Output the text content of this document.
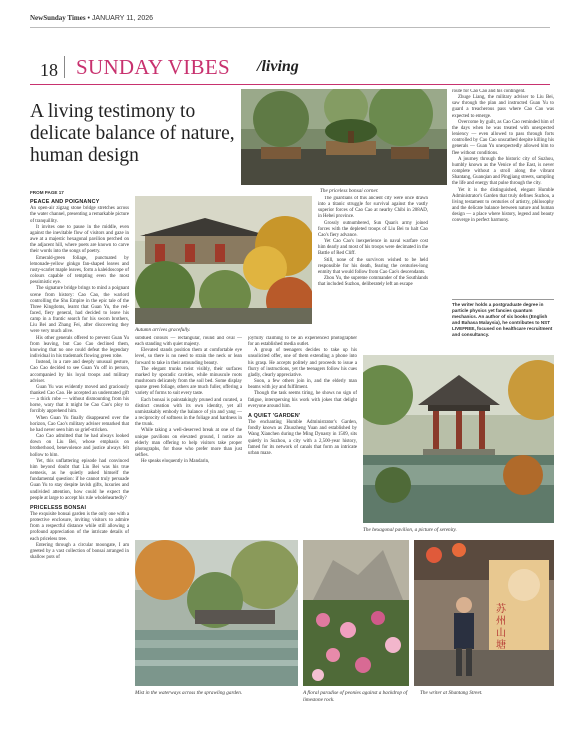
NewSunday Times • JANUARY 11, 2026
18 SUNDAY VIBES /living
A living testimony to delicate balance of nature, human design
The priceless bonsai corner.
Autumn arrives gracefully.
The hexagonal pavilion, a picture of serenity.
Mist in the waterways across the sprawling garden.	A floral paradise of peonies against a backdrop of limestone rock.
苏州山塘
The writer at Shantang Street.
FROM PAGE 17

PEACE AND POIGNANCY

An open-air zigzag stone bridge stretches across the water channel, presenting a remarkable picture of tranquillity.

It invites one to pause in the middle, even against the inevitable flow of visitors and gaze in awe at a majestic hexagonal pavilion perched on the adjacent hill, where poets are known to carve their words into the songs of poetry.

Emerald-green foliage, punctuated by lemonade-yellow ginkgo fan-shaped leaves and rusty-scarlet maple leaves, form a kaleidoscope of colours capable of tempting even the most pessimistic eye.

The signature bridge brings to mind a poignant scene from history: Cao Cao, the warlord controlling the Shu Empire in the epic tale of the Three Kingdoms, learnt that Guan Yu, the red-faced, fiery general, had decided to leave his camp in a frantic search for his sworn brothers, Liu Bei and Zhang Fei, after discovering they were very much alive.

His other generals offered to prevent Guan Yu from leaving, but Cao Cao declined them, knowing that no one could defeat the legendary individual in his trademark flowing green robe.

Instead, in a rare and deeply unusual gesture, Cao Cao decided to see Guan Yu off in person, accompanied by his loyal troops and military adviser.

Guan Yu was evidently moved and graciously thanked Cao Cao. He accepted an understated gift — a thick robe — without dismounting from his horse, wary that it might be Cao Cao's ploy to forcibly apprehend him.

When Guan Yu finally disappeared over the horizon, Cao Cao's military adviser remarked that he had never seen him so grief-stricken.

Cao Cao admitted that he had always looked down on Liu Bei, whose emphasis on brotherhood, benevolence and justice always felt hollow to him.

Yet, this unflattering episode had convinced him beyond doubt that Liu Bei was his true nemesis, as he quietly asked himself the fundamental question: if he cannot truly persuade Guan Yu to stay despite lavish gifts, luxuries and undivided attention, how could he expect the people at large to accept his rule wholeheartedly?

PRICELESS BONSAI

The exquisite bonsai garden is the only one with a protective enclosure, inviting visitors to admire from a respectful distance while still allowing a profound appreciation of the intricate details of each priceless tree.

Entering through a circular moongate, I am greeted by a vast collection of bonsai arranged in shallow pots of

subdued colours — rectangular, round and oval — each standing with quiet majesty.

Elevated stands position them at comfortable eye level, so there is no need to strain the neck or lean forward to take in their astounding beauty.

The elegant trunks twist visibly, their surfaces marked by sporadic cavities, while minuscule roots mushroom delicately from the soil bed. Some display sparse green foliage, others are much fuller, offering a variety of forms to suit every taste.

Each bonsai is painstakingly pruned and curated, a distinct creation with its own identity, yet all unmistakably embody the balance of yin and yang — a reciprocity of softness in the foliage and hardness in the trunk.

While taking a well-deserved break at one of the unique pavilions on elevated ground, I notice an elderly man offering to help visitors take proper photographs, for those who prefer more than just selfies.

He speaks eloquently in Mandarin,

The guardians of this ancient city were once drawn into a titanic struggle for survival against the vastly superior forces of Cao Cao at nearby Chibi in 208AD, in Hebei province.

Grossly outnumbered, Sun Quan's army joined forces with the depleted troops of Liu Bei to halt Cao Cao's fiery advance.

Yet Cao Cao's inexperience in naval warfare cost him dearly and most of his troops were decimated in the Battle of Red Cliff.

Still, none of the survivors wished to be held responsible for his death, fearing the centuries-long enmity that would follow from Cao Cao's descendants.

Zhou Yu, the supreme commander of the Southlands that included Suzhou, deliberately left an escape

joyfully claiming to be an experienced photographer for an established media outlet.

A group of teenagers decides to take up his unsolicited offer, one of them extending a phone into his grasp. He accepts politely and proceeds to issue a flurry of instructions, yet the teenagers follow his cues gladly, clearly appreciative.

Soon, a few others join in, and the elderly man beams with joy and fulfilment.

Though the task seems tiring, he shows no sign of fatigue, interspersing his work with jokes that delight everyone around him.

A QUIET 'GARDEN'

The enchanting Humble Administrator's Garden, fondly known as Zhuozheng Yuan and established by Wang Xianchen during the Ming Dynasty in 1509, sits quietly in Suzhou, a city with a 2,500-year history, famed for its network of canals that form an intricate urban maze.

route for Cao Cao and his contingent.

Zhuge Liang, the military adviser to Liu Bei, saw through the plan and instructed Guan Yu to guard a treacherous pass where Cao Cao was expected to emerge.

Overcome by guilt, as Cao Cao reminded him of the days when he was treated with unexpected leniency — even allowed to pass through forts controlled by Cao Cao unscathed despite killing his generals — Guan Yu unexpectedly allowed him to flee without conditions.

A journey through the historic city of Suzhou, humbly known as the Venice of the East, is never complete without a stroll along the vibrant Shantang, Guanqian and Pingjiang streets, sampling the life and energy that pulse through the city.

Yet it is the distinguished, elegant Humble Administrator's Garden that truly defines Suzhou, a living testament to centuries of artistry, philosophy and the delicate balance between nature and human design — a place where history, legend and beauty converge in perfect harmony.

The writer holds a postgraduate degree in particle physics yet fancies quantum mechanics. An author of six books (English and Bahasa Malaysia), he contributes to NST LIVEFREE, focused on healthcare recruitment and consultancy.
